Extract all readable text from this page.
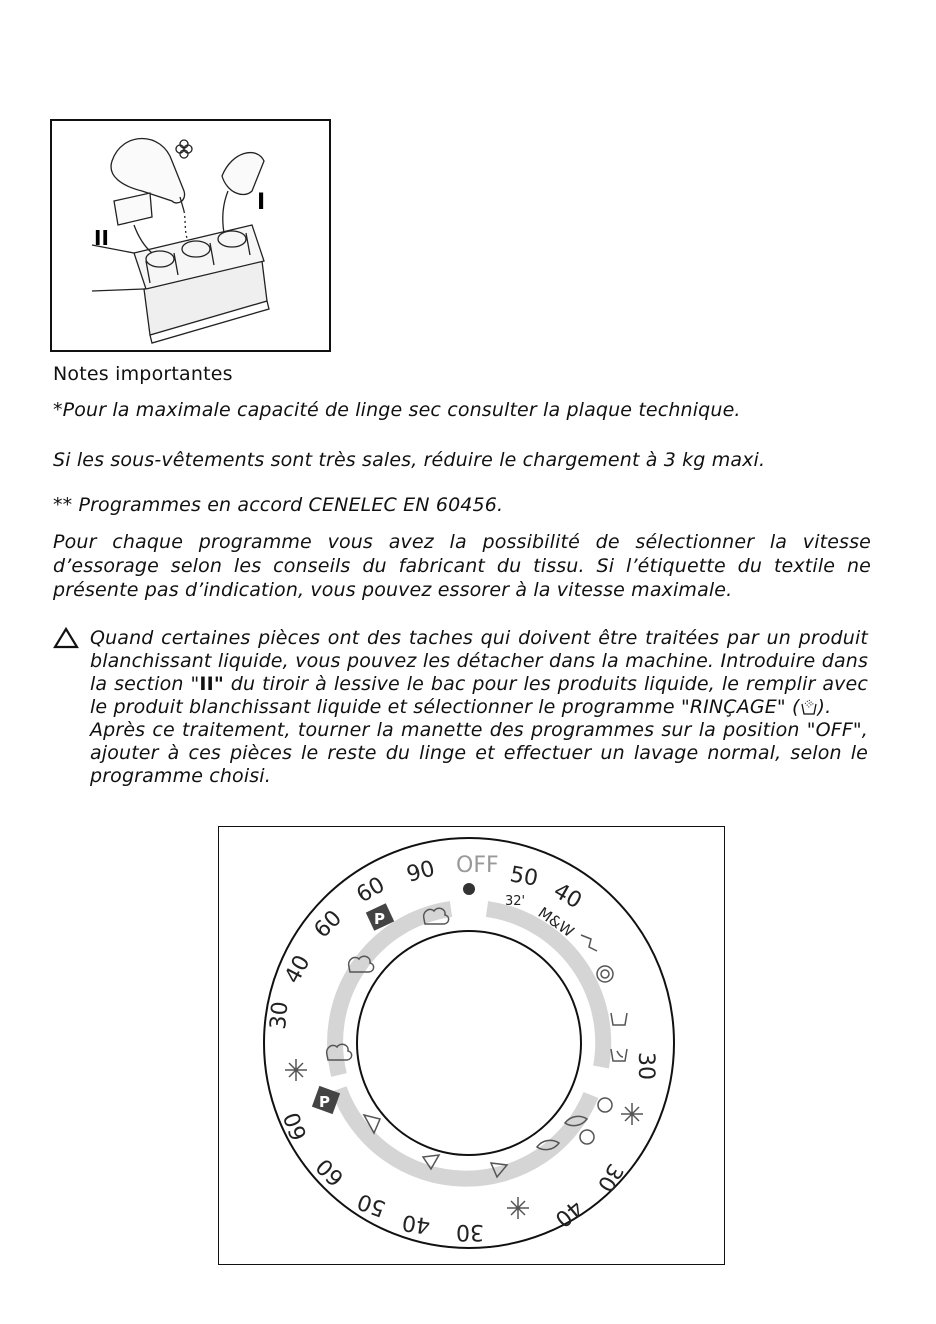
I
II
Notes importantes
*Pour la maximale capacité de linge sec consulter la plaque technique.
Si les sous-vêtements sont très sales, réduire le chargement à 3 kg maxi.
** Programmes en accord CENELEC EN 60456.
Pour chaque programme vous avez la possibilité de sélectionner la vitesse d’essorage selon les conseils du fabricant du tissu. Si l’étiquette du textile ne présente pas d’indication, vous pouvez essorer à la vitesse maximale.

Quand certaines pièces ont des taches qui doivent être traitées par un produit blanchissant liquide, vous pouvez les détacher dans la machine. Introduire dans la section "II" du tiroir à lessive le bac pour les produits liquide, le remplir avec le produit blanchissant liquide et sélectionner le programme "RINÇAGE" ( ).

Après ce traitement, tourner la manette des programmes sur la position "OFF", ajouter à ces pièces le reste du linge et effectuer un lavage normal, selon le programme choisi.

OFF
90
60
60
40
30
60
60
50
40 30	40
30
30
50
40
M&W
32'
P
P
